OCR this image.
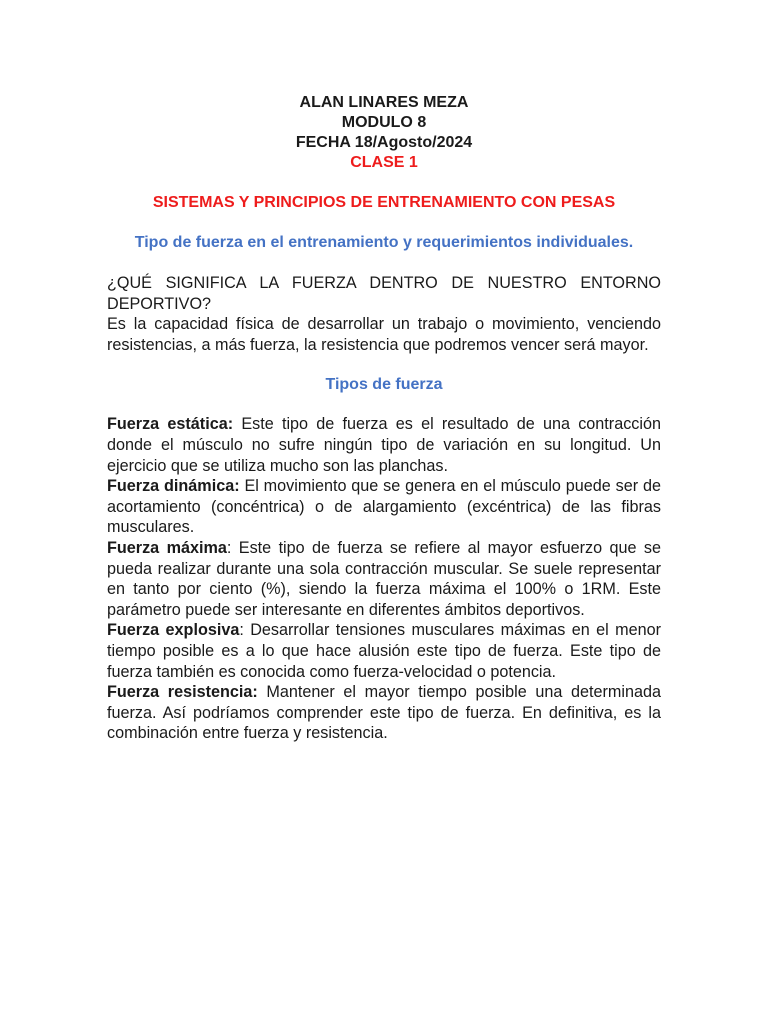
ALAN LINARES MEZA

MODULO 8

FECHA 18/Agosto/2024

CLASE 1

SISTEMAS Y PRINCIPIOS DE ENTRENAMIENTO CON PESAS

Tipo de fuerza en el entrenamiento y requerimientos individuales.

¿QUÉ SIGNIFICA LA FUERZA DENTRO DE NUESTRO ENTORNO DEPORTIVO?

Es la capacidad física de desarrollar un trabajo o movimiento, venciendo resistencias, a más fuerza, la resistencia que podremos vencer será mayor.

Tipos de fuerza

Fuerza estática: Este tipo de fuerza es el resultado de una contracción donde el músculo no sufre ningún tipo de variación en su longitud. Un ejercicio que se utiliza mucho son las planchas.

Fuerza dinámica: El movimiento que se genera en el músculo puede ser de acortamiento (concéntrica) o de alargamiento (excéntrica) de las fibras musculares.

Fuerza máxima: Este tipo de fuerza se refiere al mayor esfuerzo que se pueda realizar durante una sola contracción muscular. Se suele representar en tanto por ciento (%), siendo la fuerza máxima el 100% o 1RM. Este parámetro puede ser interesante en diferentes ámbitos deportivos.

Fuerza explosiva: Desarrollar tensiones musculares máximas en el menor tiempo posible es a lo que hace alusión este tipo de fuerza. Este tipo de fuerza también es conocida como fuerza-velocidad o potencia.

Fuerza resistencia: Mantener el mayor tiempo posible una determinada fuerza. Así podríamos comprender este tipo de fuerza. En definitiva, es la combinación entre fuerza y resistencia.
